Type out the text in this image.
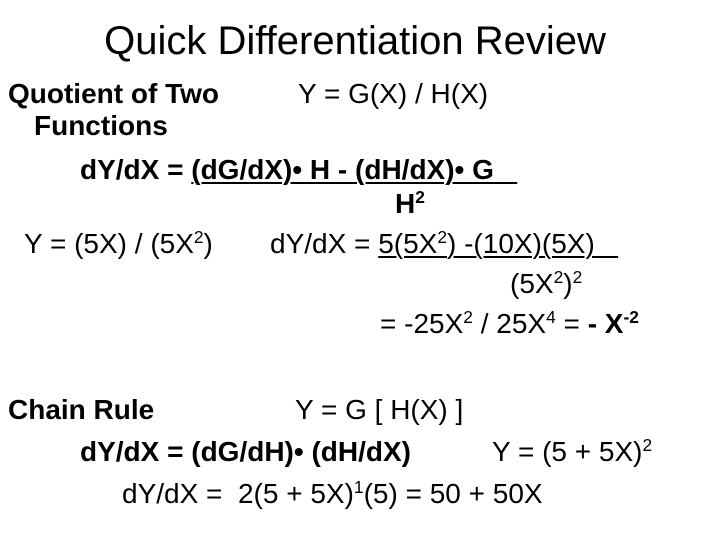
Quick Differentiation Review
Quotient of Two	Y = G(X) / H(X)
Functions
dY/dX = (dG/dX)• H - (dH/dX)• G
$H^2$
$Y = (5X) / (5X^2) dY/dX = 5(5X^2)$ -(10X)(5X)
$(5X^2)^2$
= $-25X^2 / 25X^4$ = - $X^{-2}$
Chain Rule	Y = G [ H(X) ]
dY/dX = (dG/dH)• (dH/dX)	$Y = (5 + 5X)^2$
$dY/dX = 2(5 + 5X)^1(5) = 50 + 50X$
